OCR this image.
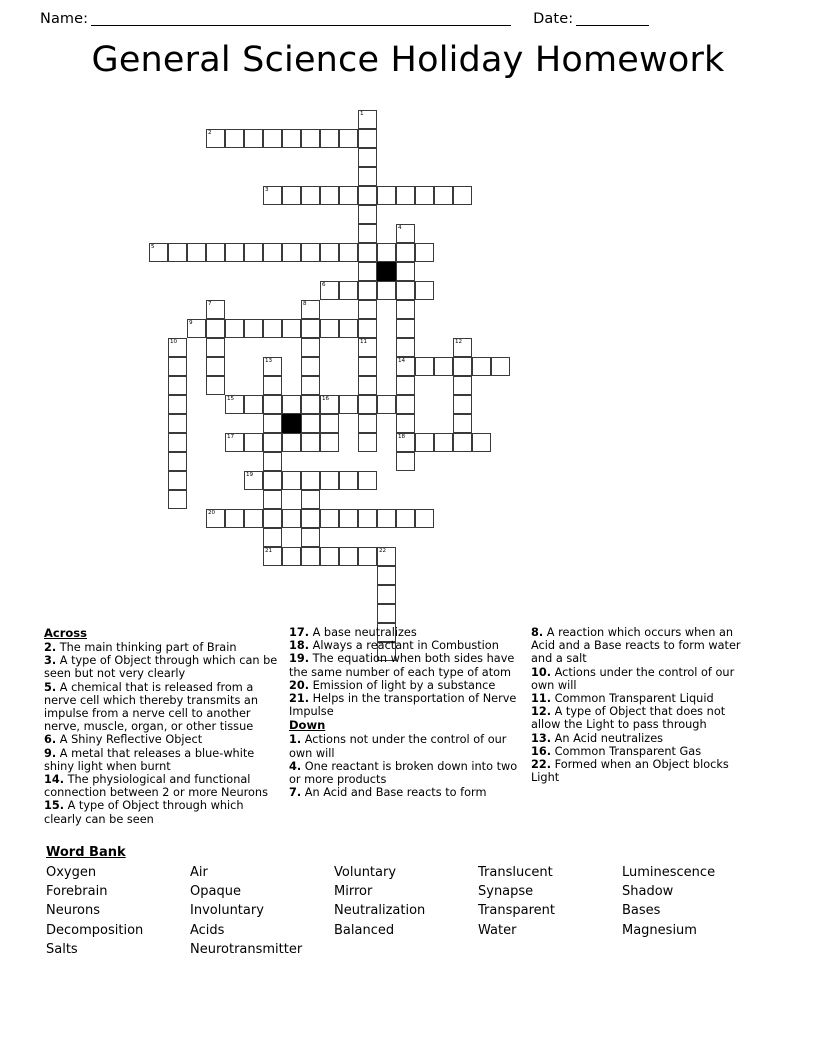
Name:	Date:
General Science Holiday Homework
1
2
3
4
5
6
7	8
9
10	11	12
13	14
15	16
17	18
19
20
21	22
Across

2. The main thinking part of Brain

3. A type of Object through which can be seen but not very clearly

5. A chemical that is released from a nerve cell which thereby transmits an impulse from a nerve cell to another nerve, muscle, organ, or other tissue

6. A Shiny Reflective Object

9. A metal that releases a blue-white shiny light when burnt

14. The physiological and functional connection between 2 or more Neurons

15. A type of Object through which clearly can be seen

17. A base neutralizes

18. Always a reactant in Combustion

19. The equation when both sides have the same number of each type of atom

20. Emission of light by a substance

21. Helps in the transportation of Nerve Impulse

Down

1. Actions not under the control of our own will

4. One reactant is broken down into two or more products

7. An Acid and Base reacts to form

8. A reaction which occurs when an Acid and a Base reacts to form water and a salt

10. Actions under the control of our own will

11. Common Transparent Liquid

12. A type of Object that does not allow the Light to pass through

13. An Acid neutralizes

16. Common Transparent Gas

22. Formed when an Object blocks Light

Word Bank
Oxygen
Forebrain
Neurons
Decomposition
Salts
Air
Opaque
Involuntary
Acids
Neurotransmitter
Voluntary
Mirror
Neutralization
Balanced
Translucent
Synapse
Transparent
Water
Luminescence
Shadow
Bases
Magnesium
